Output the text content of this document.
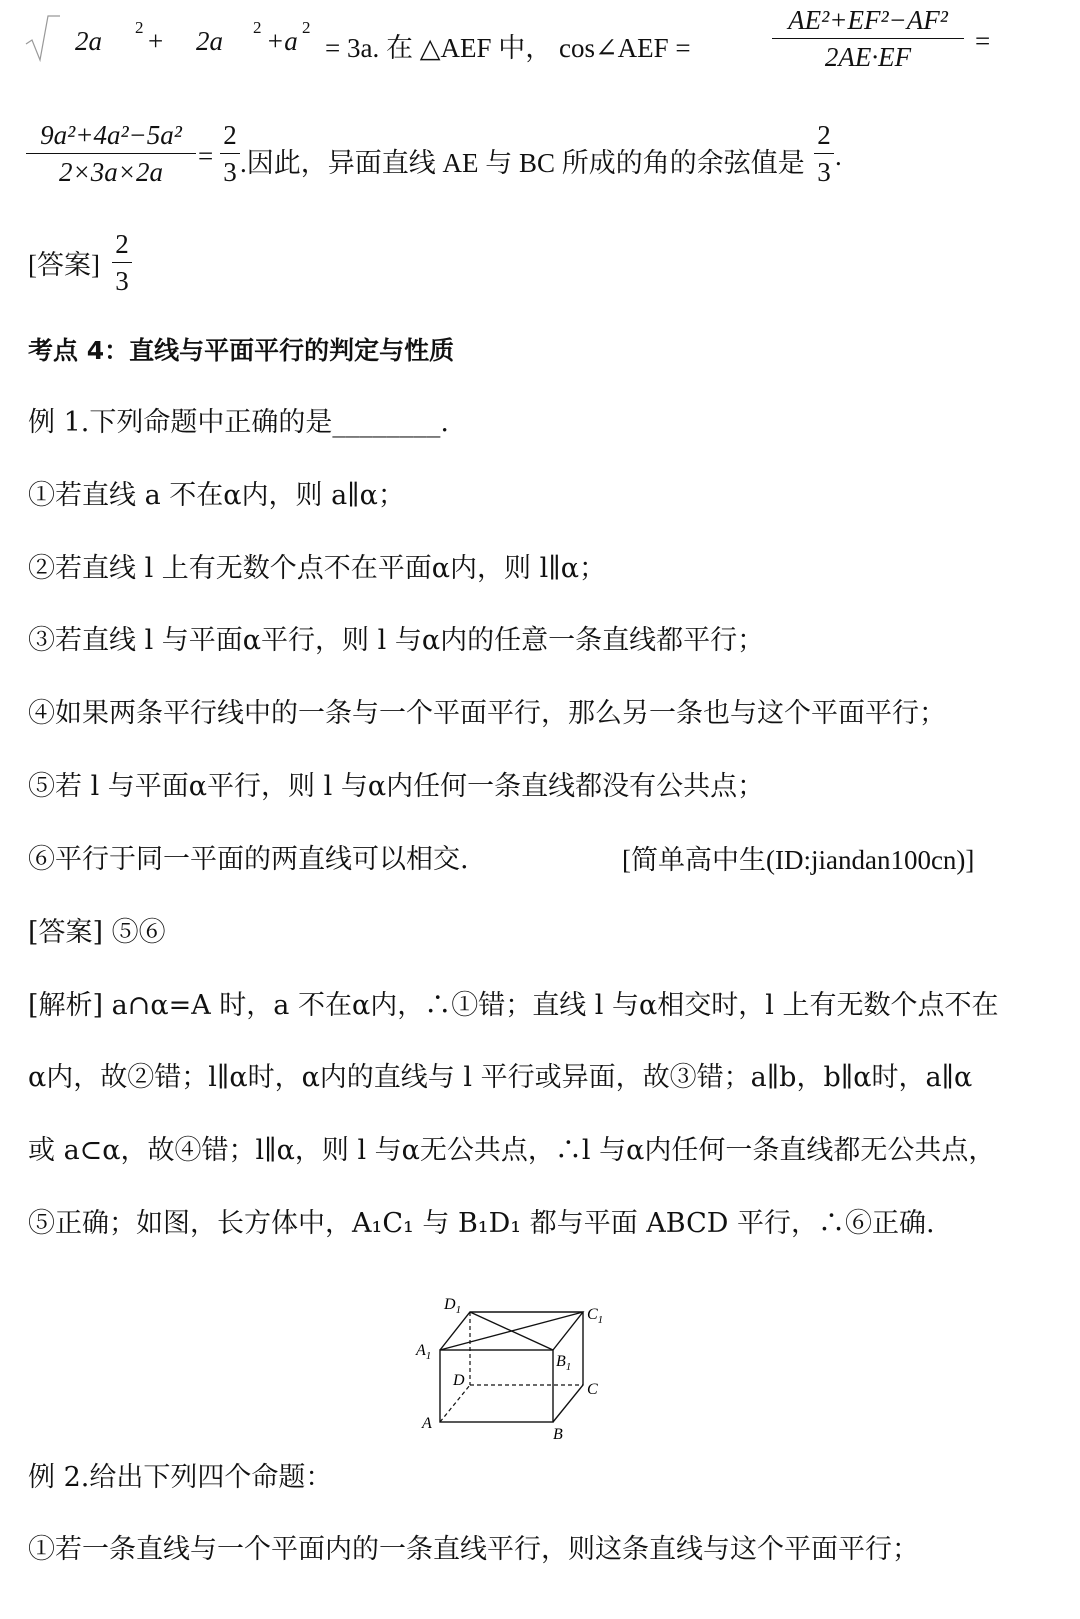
2a 2 + 2a 2 +a 2
= 3a. 在 △AEF 中， cos∠AEF =
AE²+EF²−AF²
2AE·EF
=
9a²+4a²−5a²
2×3a×2a
=
2
3 .因此，异面直线 AE 与 BC 所成的角的余弦值是
2
3
.
[答案]
2
3
考点 4：直线与平面平行的判定与性质
例 1.下列命题中正确的是________.
①若直线 a 不在α内，则 a∥α；
②若直线 l 上有无数个点不在平面α内，则 l∥α；
③若直线 l 与平面α平行，则 l 与α内的任意一条直线都平行；
④如果两条平行线中的一条与一个平面平行，那么另一条也与这个平面平行；
⑤若 l 与平面α平行，则 l 与α内任何一条直线都没有公共点；
⑥平行于同一平面的两直线可以相交.	[简单高中生(ID:jiandan100cn)]
[答案] ⑤⑥
[解析] a∩α=A 时，a 不在α内，∴①错；直线 l 与α相交时，l 上有无数个点不在
α内，故②错；l∥α时，α内的直线与 l 平行或异面，故③错；a∥b，b∥α时，a∥α
或 a⊂α，故④错；l∥α，则 l 与α无公共点，∴l 与α内任何一条直线都无公共点，
⑤正确；如图，长方体中，A₁C₁ 与 B₁D₁ 都与平面 ABCD 平行，∴⑥正确.
$D_1$	$C_1$
$A_1$	$B_1$
D
C
A
B
例 2.给出下列四个命题：
①若一条直线与一个平面内的一条直线平行，则这条直线与这个平面平行；
